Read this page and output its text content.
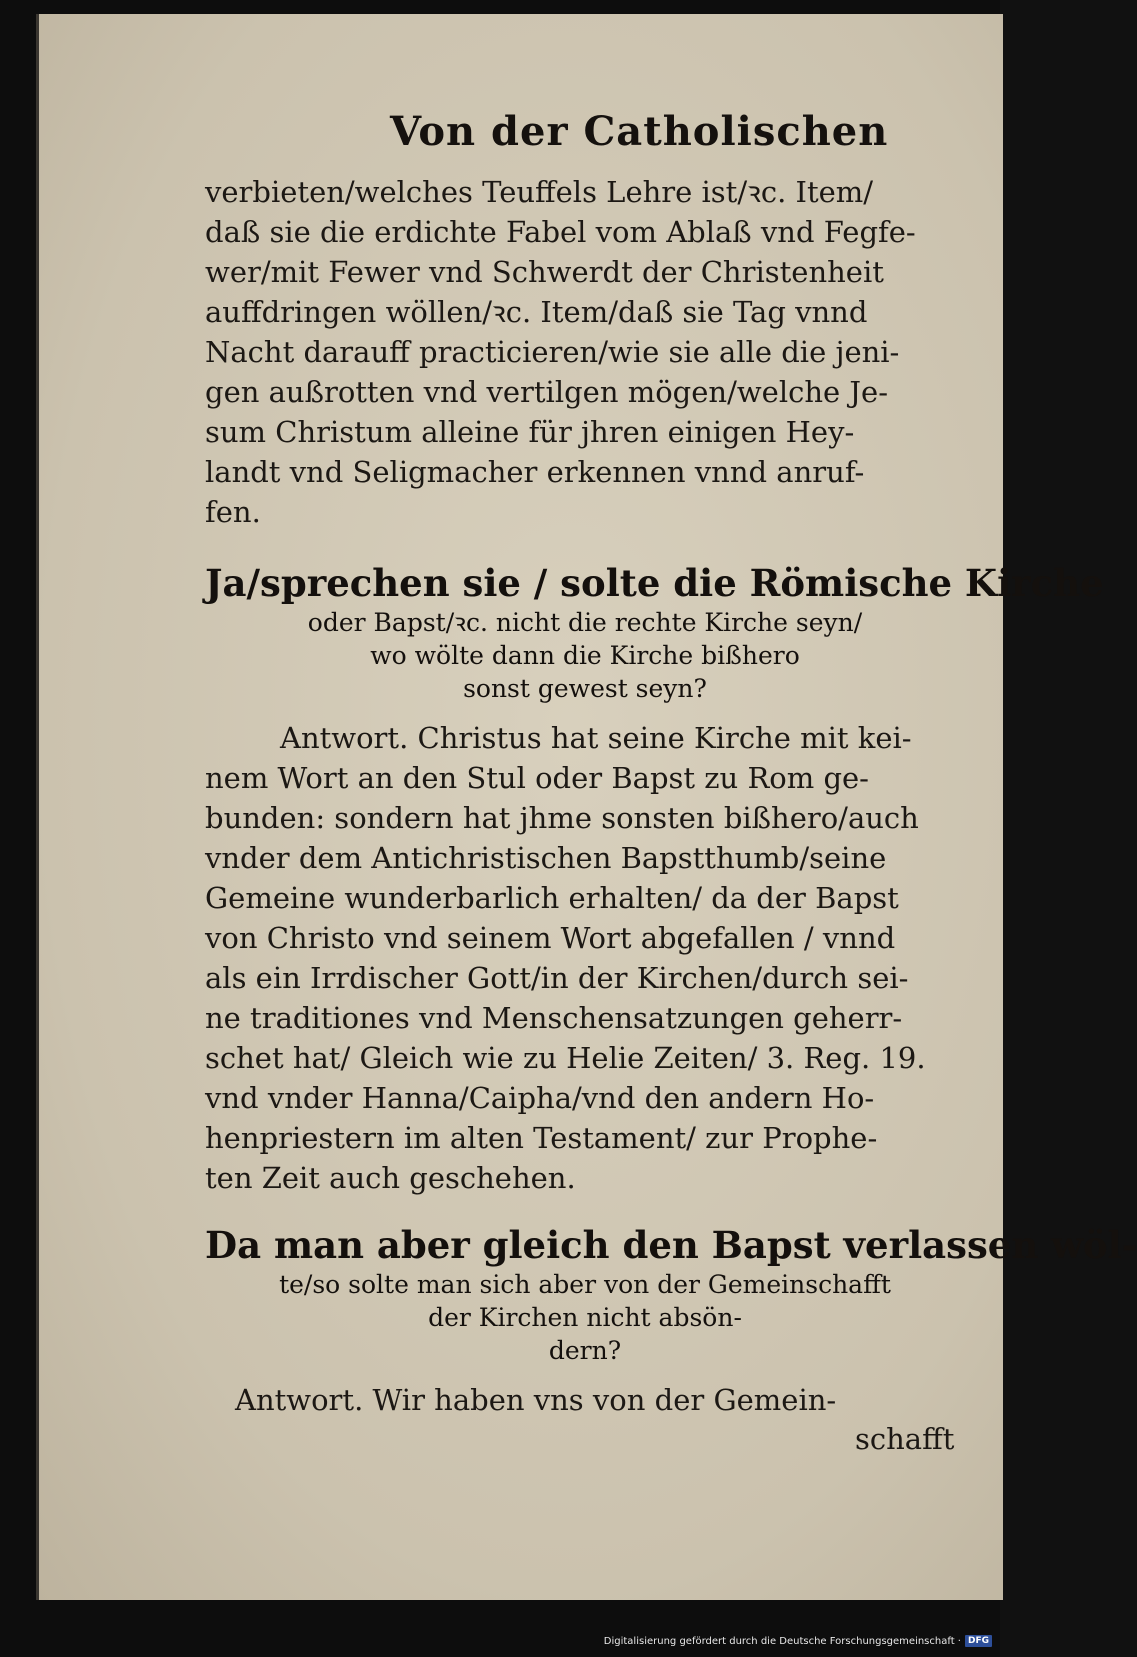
Von der Catholischen
verbieten/welches Teuffels Lehre ist/ꝛc. Item/
daß sie die erdichte Fabel vom Ablaß vnd Fegfe-
wer/mit Fewer vnd Schwerdt der Christenheit
auffdringen wöllen/ꝛc. Item/daß sie Tag vnnd
Nacht darauff practicieren/wie sie alle die jeni-
gen außrotten vnd vertilgen mögen/welche Je-
sum Christum alleine für jhren einigen Hey-
landt vnd Seligmacher erkennen vnnd anruf-
fen.
Ja/sprechen sie / solte die Römische Kirche
oder Bapst/ꝛc. nicht die rechte Kirche seyn/
wo wölte dann die Kirche bißhero
sonst gewest seyn?
Antwort. Christus hat seine Kirche mit kei-
nem Wort an den Stul oder Bapst zu Rom ge-
bunden: sondern hat jhme sonsten bißhero/auch
vnder dem Antichristischen Bapstthumb/seine
Gemeine wunderbarlich erhalten/ da der Bapst
von Christo vnd seinem Wort abgefallen / vnnd
als ein Irrdischer Gott/in der Kirchen/durch sei-
ne traditiones vnd Menschensatzungen geherr-
schet hat/ Gleich wie zu Helie Zeiten/ 3. Reg. 19.
vnd vnder Hanna/Caipha/vnd den andern Ho-
henpriestern im alten Testament/ zur Prophe-
ten Zeit auch geschehen.
Da man aber gleich den Bapst verlassen wöl-
te/so solte man sich aber von der Gemeinschafft
der Kirchen nicht absön-
dern?
Antwort. Wir haben vns von der Gemein-
schafft
Digitalisierung gefördert durch die Deutsche Forschungsgemeinschaft · DFG
